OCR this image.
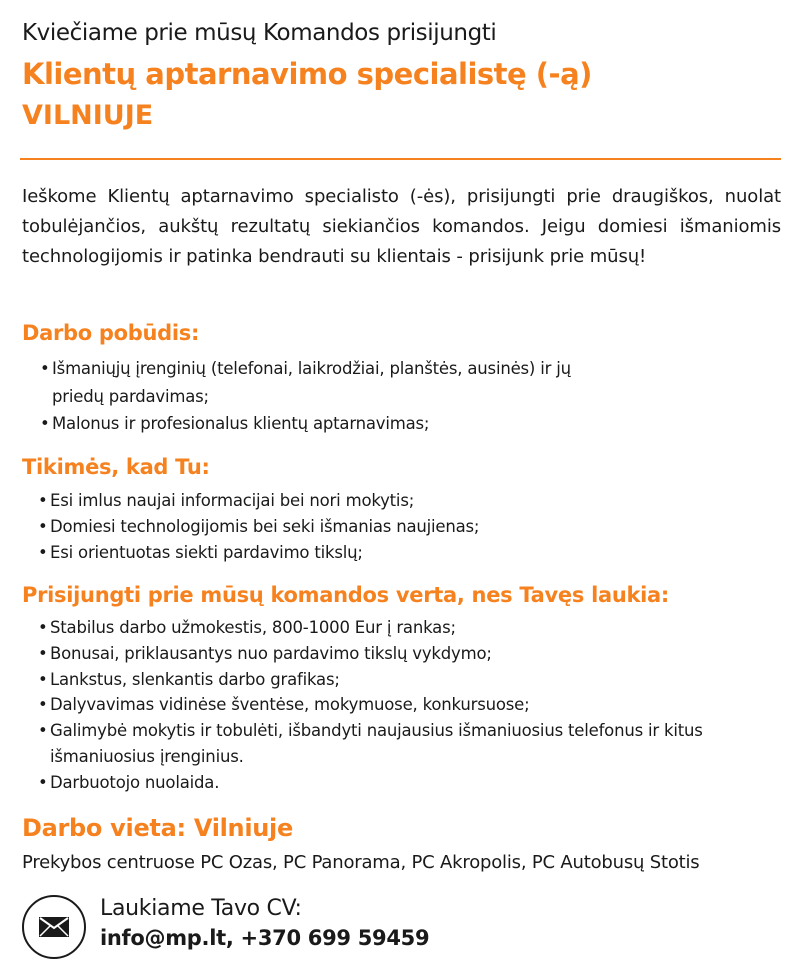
Kviečiame prie mūsų Komandos prisijungti
Klientų aptarnavimo specialistę (-ą)
VILNIUJE
Ieškome Klientų aptarnavimo specialisto (-ės), prisijungti prie draugiškos, nuolat tobulėjančios, aukštų rezultatų siekiančios komandos. Jeigu domiesi išmaniomis technologijomis ir patinka bendrauti su klientais - prisijunk prie mūsų!
Darbo pobūdis:
• Išmaniųjų įrenginių (telefonai, laikrodžiai, planštės, ausinės) ir jų priedų pardavimas;
• Malonus ir profesionalus klientų aptarnavimas;
Tikimės, kad Tu:
• Esi imlus naujai informacijai bei nori mokytis;
• Domiesi technologijomis bei seki išmanias naujienas;
• Esi orientuotas siekti pardavimo tikslų;
Prisijungti prie mūsų komandos verta, nes Tavęs laukia:
• Stabilus darbo užmokestis, 800-1000 Eur į rankas;
• Bonusai, priklausantys nuo pardavimo tikslų vykdymo;
• Lankstus, slenkantis darbo grafikas;
• Dalyvavimas vidinėse šventėse, mokymuose, konkursuose;
• Galimybė mokytis ir tobulėti, išbandyti naujausius išmaniuosius telefonus ir kitus išmaniuosius įrenginius.
• Darbuotojo nuolaida.
Darbo vieta: Vilniuje
Prekybos centruose PC Ozas, PC Panorama, PC Akropolis, PC Autobusų Stotis
Laukiame Tavo CV:
info@mp.lt, +370 699 59459
